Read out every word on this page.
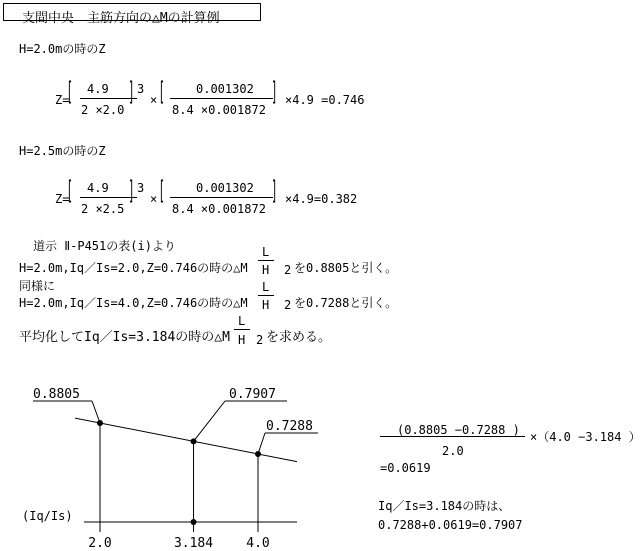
支間中央　主筋方向の△Mの計算例
H=2.0mの時のZ
Z=
[ 4.9
2 ×2.0
] 3
× [	0.001302
8.4 ×0.001872
] ×4.9 =0.746
H=2.5mの時のZ
Z=
[ 4.9
2 ×2.5
] 3
× [	0.001302
8.4 ×0.001872
] ×4.9=0.382
道示 Ⅱ-P451の表(i)より
H=2.0m,Iq／Is=2.0,Z=0.746の時の△M
L
H 2 を0.8805と引く。
同様に
H=2.0m,Iq／Is=4.0,Z=0.746の時の△M
L
H 2 を0.7288と引く。
平均化してIq／Is=3.184の時の△M
L
H 2 を求める。
0.8805
2.0
0.7907
3.184
0.7288
4.0
(Iq/Is)
(0.8805 −0.7288 )
2.0
×（4.0 −3.184 ）
=0.0619
Iq／Is=3.184の時は、
0.7288+0.0619=0.7907
